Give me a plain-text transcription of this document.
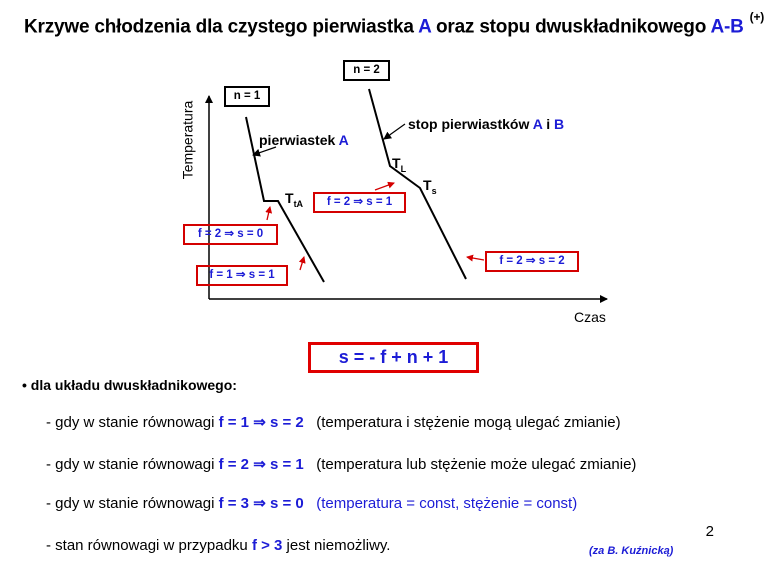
Krzywe chłodzenia dla czystego pierwiastka A oraz stopu dwuskładnikowego A-B (+)
Temperatura
Czas
n = 1
n = 2
pierwiastek A
stop pierwiastków A i B
$T_{tA}$
$T_L$
$T_s$
f = 2 ⇒ s = 0
f = 1 ⇒ s = 1
f = 2 ⇒ s = 1
f = 2 ⇒ s = 2
s = - f + n + 1
• dla układu dwuskładnikowego:
- gdy w stanie równowagi f = 1 ⇒ s = 2 (temperatura i stężenie mogą ulegać zmianie)
- gdy w stanie równowagi f = 2 ⇒ s = 1 (temperatura lub stężenie może ulegać zmianie)
- gdy w stanie równowagi f = 3 ⇒ s = 0 (temperatura = const, stężenie = const)
- stan równowagi w przypadku f > 3 jest niemożliwy.
2
(za B. Kuźnicką)
